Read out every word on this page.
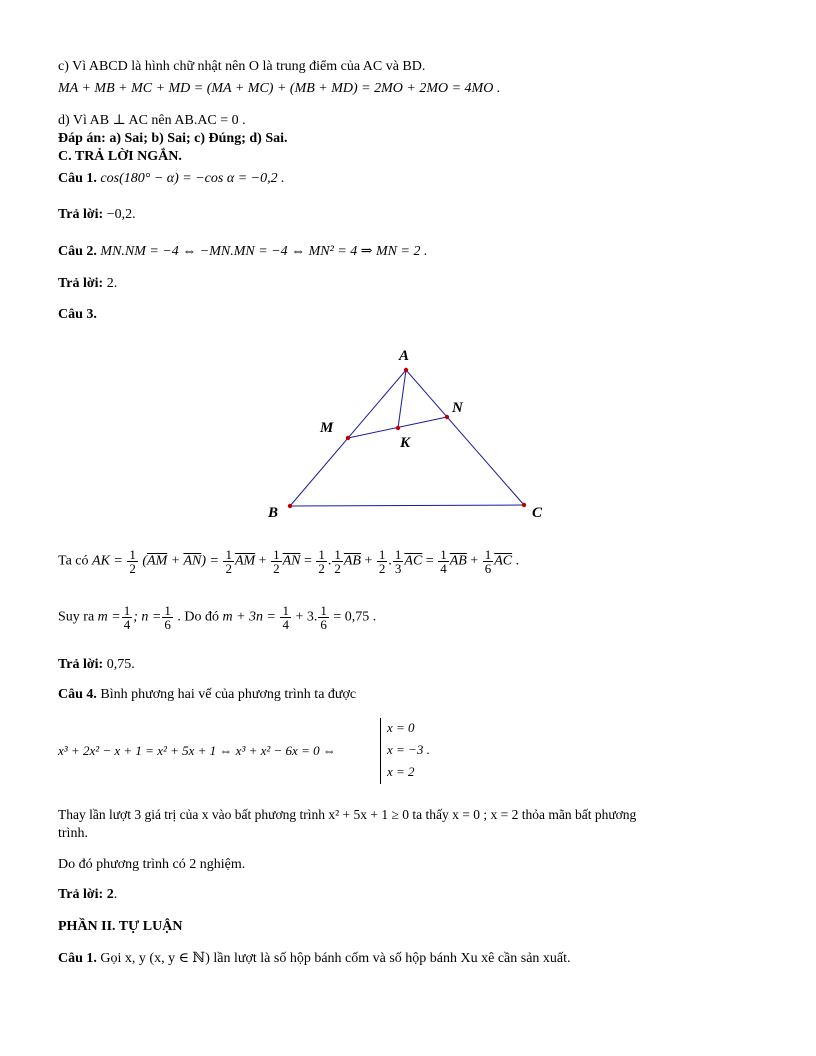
c) Vì ABCD là hình chữ nhật nên O là trung điểm của AC và BD.
MA + MB + MC + MD = (MA + MC) + (MB + MD) = 2MO + 2MO = 4MO .
d) Vì AB ⊥ AC nên AB.AC = 0 .
Đáp án: a) Sai; b) Sai; c) Đúng; d) Sai.
C. TRẢ LỜI NGẮN.
Câu 1. cos(180° − α) = −cos α = −0,2 .
Trả lời: −0,2.
Câu 2. MN.NM = −4 ⇔ −MN.MN = −4 ⇔ MN² = 4 ⇒ MN = 2 .
Trả lời: 2.
Câu 3.
A
B	C
M
N
K
Ta có AK = $\frac{1}{2} (\overline{AM} + \overline{AN}) = \frac{1}{2} \overline{AM} + \frac{1}{2} \overline{AN} = \frac{1}{2}$ . $\frac{1}{2} \overline{AB} + \frac{1}{2}$ . $\frac{1}{3} \overline{AC} = \frac{1}{4} \overline{AB} + \frac{1}{6} \overline{AC}$ .
Suy ra $m = \frac{1}{4}$ ; $n = \frac{1}{6}$ . Do đó $m + 3n = \frac{1}{4} + 3$. $\frac{1}{6} = 0,75$ .
Trả lời: 0,75.
Câu 4. Bình phương hai vế của phương trình ta được
x³ + 2x² − x + 1 = x² + 5x + 1 ⇔ x³ + x² − 6x = 0 ⇔
x = 0
x = −3 .
x = 2
Thay lần lượt 3 giá trị của x vào bất phương trình x² + 5x + 1 ≥ 0 ta thấy x = 0 ; x = 2 thỏa mãn bất phương
trình.
Do đó phương trình có 2 nghiệm.
Trả lời: 2.
PHẦN II. TỰ LUẬN
Câu 1. Gọi x, y (x, y ∈ ℕ) lần lượt là số hộp bánh cốm và số hộp bánh Xu xê cần sản xuất.
